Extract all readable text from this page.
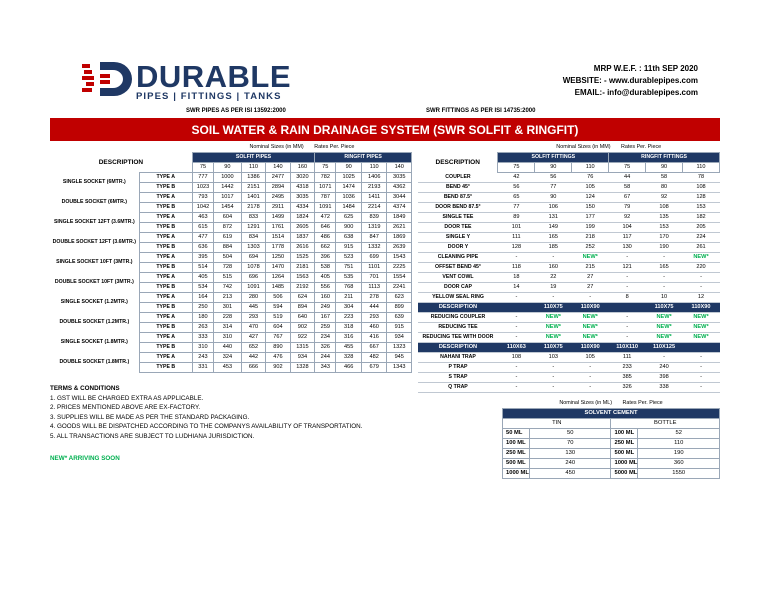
DURABLE
PIPES | FITTINGS | TANKS
MRP W.E.F. : 11th SEP 2020
WEBSITE: - www.durablepipes.com
EMAIL:- info@durablepipes.com
SWR PIPES AS PER ISI 13592:2000	SWR FITTINGS AS PER ISI 14735:2000
SOIL WATER & RAIN DRAINAGE SYSTEM (SWR SOLFIT & RINGFIT)
		Nominal Sizes (in MM) Rates Per. Piece								
DESCRIPTION		SOLFIT PIPES					RINGFIT PIPES			
		75	90	110	140	160	75	90	110	140
SINGLE SOCKET (6MTR.)	TYPE A	777	1000	1386	2477	3020	782	1025	1406	3035
	TYPE B	1023	1442	2151	2894	4318	1071	1474	2193	4362
DOUBLE SOCKET (6MTR.)	TYPE A	793	1017	1401	2495	3035	787	1036	1411	3044
	TYPE B	1042	1454	2178	2911	4334	1091	1484	2214	4374
SINGLE SOCKET 12FT (3.6MTR.)	TYPE A	463	604	833	1499	1824	472	625	839	1849
	TYPE B	615	872	1291	1761	2605	646	900	1319	2621
DOUBLE SOCKET 12FT (3.6MTR.)	TYPE A	477	619	834	1514	1837	486	638	847	1869
	TYPE B	636	884	1303	1778	2616	662	915	1332	2639
SINGLE SOCKET 10FT (3MTR.)	TYPE A	395	504	694	1250	1525	396	523	699	1543
	TYPE B	514	728	1078	1470	2181	538	751	1101	2225
DOUBLE SOCKET 10FT (3MTR.)	TYPE A	405	515	696	1264	1563	405	535	701	1554
	TYPE B	534	742	1091	1485	2192	556	768	1113	2241
SINGLE SOCKET (1.2MTR.)	TYPE A	164	213	280	506	624	160	211	278	623
	TYPE B	250	301	445	594	894	249	304	444	899
DOUBLE SOCKET (1.2MTR.)	TYPE A	180	228	293	519	640	167	223	293	639
	TYPE B	263	314	470	604	902	259	318	460	915
SINGLE SOCKET (1.8MTR.)	TYPE A	333	310	427	767	922	234	316	416	934
	TYPE B	310	440	652	890	1315	326	455	667	1323
DOUBLE SOCKET (1.8MTR.)	TYPE A	243	324	442	476	934	244	328	482	945
	TYPE B	331	453	666	902	1328	343	466	679	1343
	Nominal Sizes (in MM) Rates Per. Piece					
DESCRIPTION	SOLFIT FITTINGS			RINGFIT FITTINGS		
	75	90	110	75	90	110
COUPLER	42	56	76	44	58	78
BEND 45°	56	77	105	58	80	108
BEND 87.5°	65	90	124	67	92	128
DOOR BEND 87.5°	77	106	150	79	108	153
SINGLE TEE	89	131	177	92	135	182
DOOR TEE	101	149	199	104	153	205
SINGLE Y	111	165	218	117	170	224
DOOR Y	128	185	252	130	190	261
CLEANING PIPE	-	-	NEW*	-	-	NEW*
OFFSET BEND 45°	118	160	215	121	165	220
VENT COWL	18	22	27	-	-	-
DOOR CAP	14	19	27	-	-	-
YELLOW SEAL RING	-	-	-	8	10	12
DESCRIPTION		110X75	110X90		110X75	110X90
REDUCING COUPLER	-	NEW*	NEW*	-	NEW*	NEW*
REDUCING TEE	-	NEW*	NEW*	-	NEW*	NEW*
REDUCING TEE WITH DOOR	-	NEW*	NEW*	-	NEW*	NEW*
DESCRIPTION	110X63	110X75	110X90	110X110	110X125	
NAHANI TRAP	108	103	105	111	-	-
P TRAP	-	-	-	233	240	-
S TRAP	-	-	-	385	398	-
Q TRAP	-	-	-	326	338	-
TERMS & CONDITIONS
1. GST WILL BE CHARGED EXTRA AS APPLICABLE.
2. PRICES MENTIONED ABOVE ARE EX-FACTORY.
3. SUPPLIES WILL BE MADE AS PER THE STANDARD PACKAGING.
4. GOODS WILL BE DISPATCHED ACCORDING TO THE COMPANYS AVAILABILITY OF TRANSPORTATION.
5. ALL TRANSACTIONS ARE SUBJECT TO LUDHIANA JURISDICTION.
NEW* ARRIVING SOON
Nominal Sizes (in ML) Rates Per. Piece			
SOLVENT CEMENT			
TIN		BOTTLE	
50 ML	50	100 ML	52
100 ML	70	250 ML	110
250 ML	130	500 ML	190
500 ML	240	1000 ML	360
1000 ML	450	5000 ML	1550
